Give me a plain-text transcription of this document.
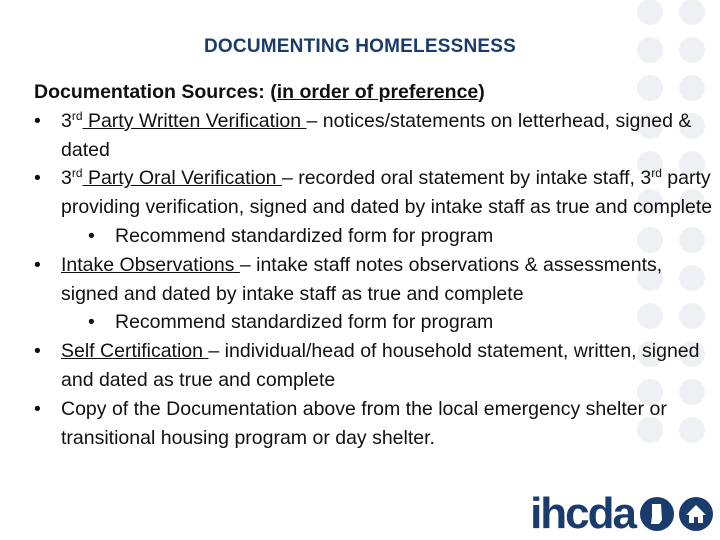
DOCUMENTING HOMELESSNESS
Documentation Sources: (in order of preference)
• 3rd Party Written Verification – notices/statements on letterhead, signed & dated
• 3rd Party Oral Verification – recorded oral statement by intake staff, 3rd party providing verification, signed and dated by intake staff as true and complete
• Recommend standardized form for program
• Intake Observations – intake staff notes observations & assessments, signed and dated by intake staff as true and complete
• Recommend standardized form for program
• Self Certification – individual/head of household statement, written, signed and dated as true and complete
• Copy of the Documentation above from the local emergency shelter or transitional housing program or day shelter.
ihcda
